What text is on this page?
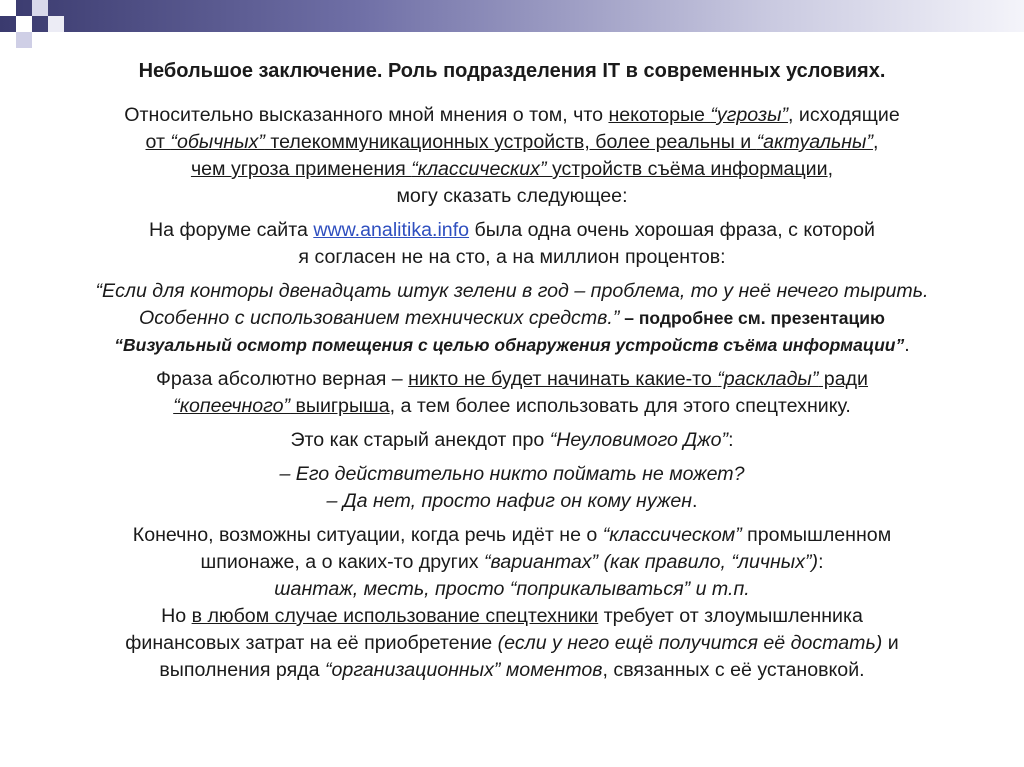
Небольшое заключение. Роль подразделения IT в современных условиях.

Относительно высказанного мной мнения о том, что некоторые “угрозы”, исходящие
от “обычных” телекоммуникационных устройств, более реальны и “актуальны”,
чем угроза применения “классических” устройств съёма информации,
могу сказать следующее:

На форуме сайта www.analitika.info была одна очень хорошая фраза, с которой
я согласен не на сто, а на миллион процентов:

“Если для конторы двенадцать штук зелени в год – проблема, то у неё нечего тырить.
Особенно с использованием технических средств.” – подробнее см. презентацию
“Визуальный осмотр помещения с целью обнаружения устройств съёма информации”.

Фраза абсолютно верная – никто не будет начинать какие-то “расклады” ради
“копеечного” выигрыша, а тем более использовать для этого спецтехнику.

Это как старый анекдот про “Неуловимого Джо”:

– Его действительно никто поймать не может?
– Да нет, просто нафиг он кому нужен.

Конечно, возможны ситуации, когда речь идёт не о “классическом” промышленном
шпионаже, а о каких-то других “вариантах” (как правило, “личных”):
шантаж, месть, просто “поприкалываться” и т.п.
Но в любом случае использование спецтехники требует от злоумышленника
финансовых затрат на её приобретение (если у него ещё получится её достать) и
выполнения ряда “организационных” моментов, связанных с её установкой.
